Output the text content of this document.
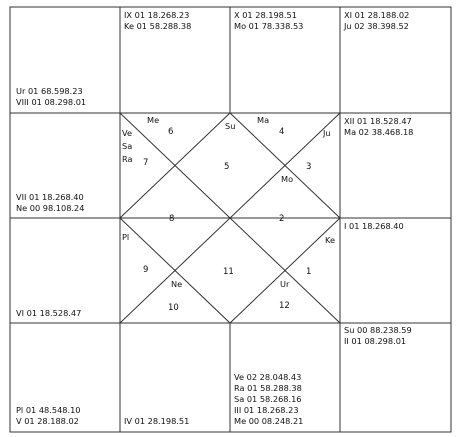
Ur 01 68.598.23
VIII 01 08.298.01
IX 01 18.268.23
Ke 01 58.288.38
X 01 28.198.51
Mo 01 78.338.53
XI 01 28.188.02
Ju 02 38.398.52
VII 01 18.268.40
Ne 00 98.108.24
XII 01 18.528.47
Ma 02 38.468.18
VI 01 18.528.47
I 01 18.268.40
Pl 01 48.548.10
V 01 28.188.02	IV 01 28.198.51
Ve 02 28.048.43
Ra 01 58.288.38
Sa 01 58.268.16
III 01 18.268.23
Me 00 08.248.21
Su 00 88.238.59
II 01 08.298.01
1
2
3
4
5
6
7
8
9
10
11
12
Me
Ve
Sa
Ra
Su
Ma
Ju
Mo
Pl	Ke
Ne	Ur
